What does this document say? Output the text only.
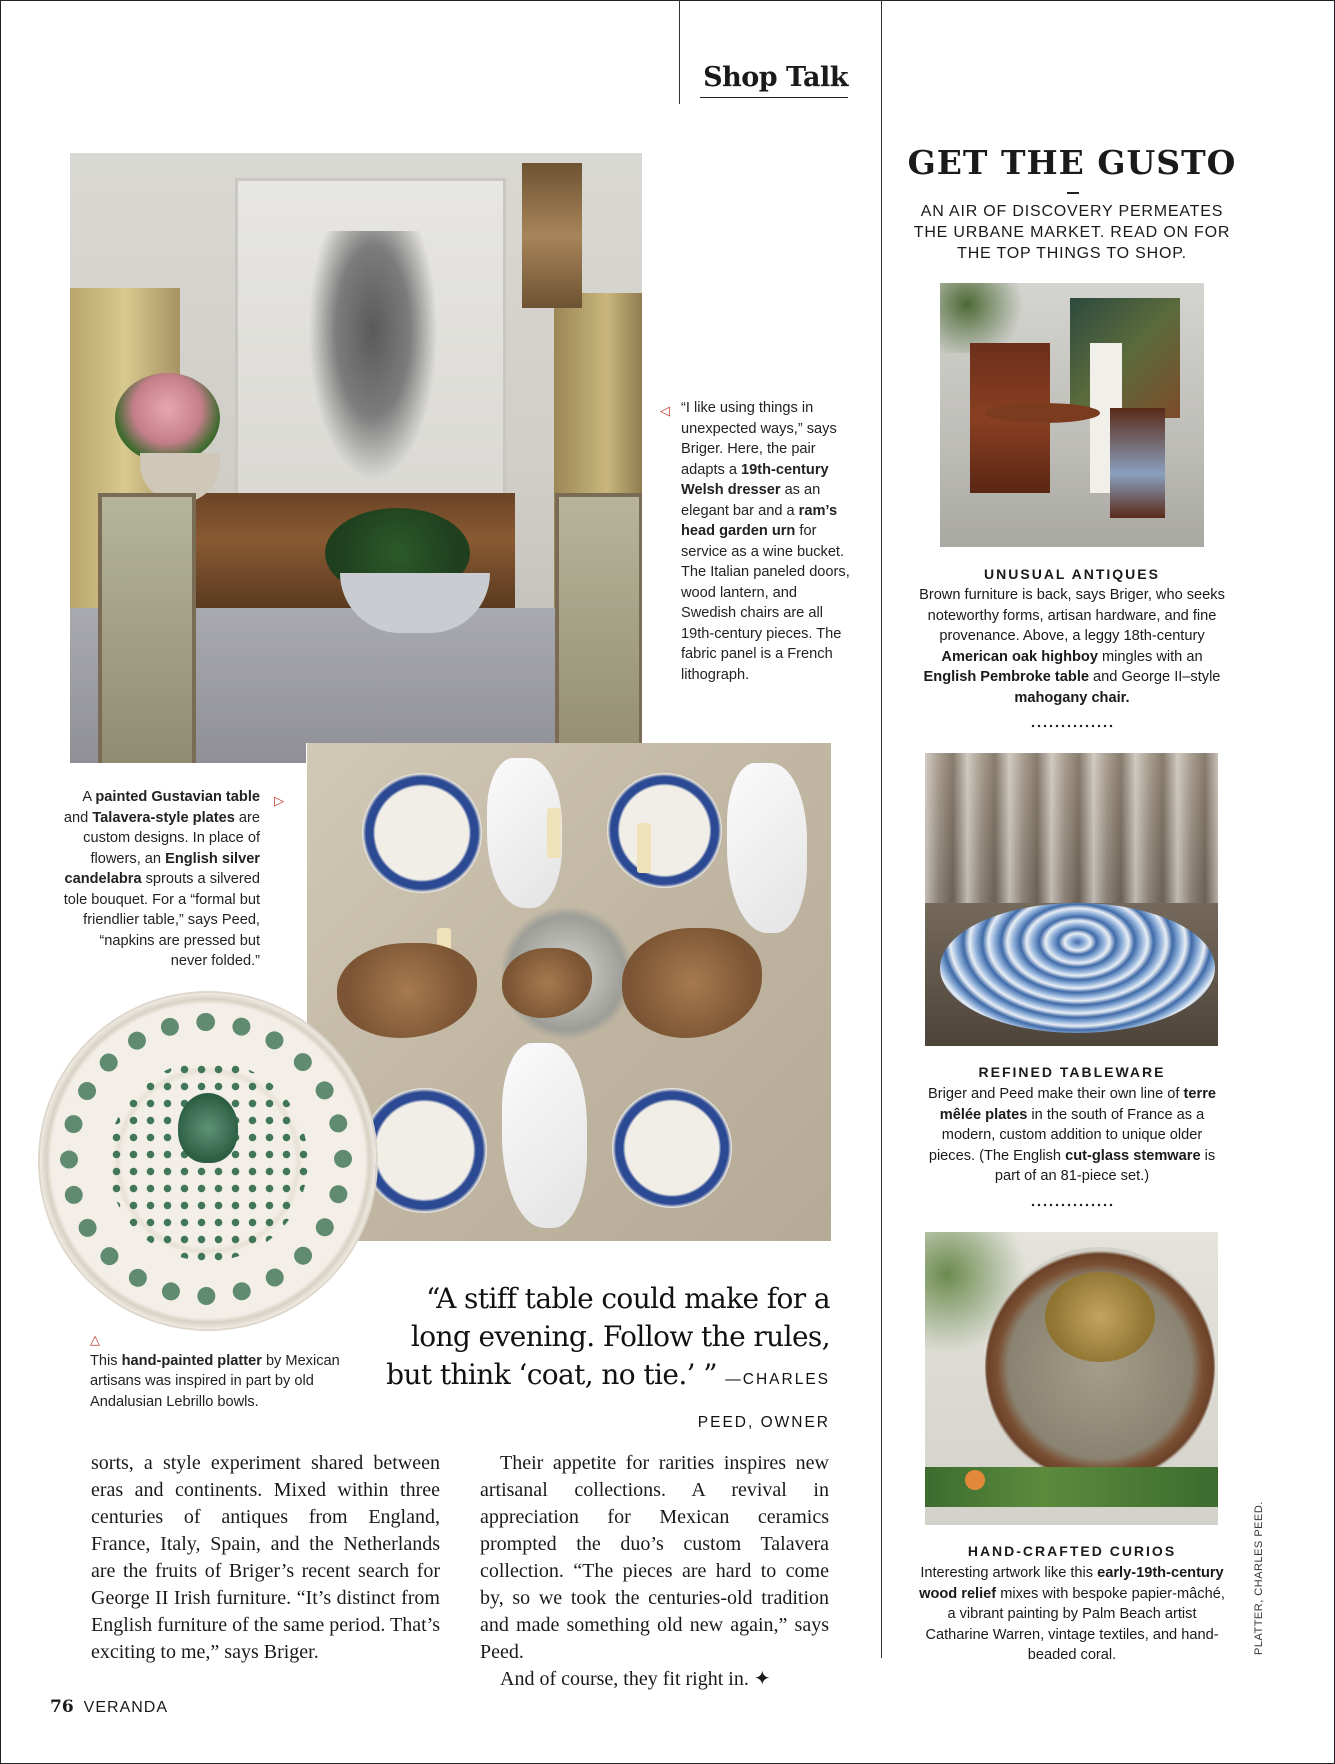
Shop Talk
◁ “I like using things in unexpected ways,” says Briger. Here, the pair adapts a 19th-century Welsh dresser as an elegant bar and a ram’s head garden urn for service as a wine bucket. The Italian paneled doors, wood lantern, and Swedish chairs are all 19th-century pieces. The fabric panel is a French lithograph.
A painted Gustavian table and Talavera-style plates are custom designs. In place of flowers, an English silver candelabra sprouts a silvered tole bouquet. For a “formal but friendlier table,” says Peed, “napkins are pressed but never folded.”
▷
△
This hand-painted platter by Mexican artisans was inspired in part by old Andalusian Lebrillo bowls.
“A stiff table could make for a long evening. Follow the rules, but think ‘coat, no tie.’ ” —CHARLES PEED, OWNER

sorts, a style experiment shared between eras and continents. Mixed within three centuries of antiques from England, France, Italy, Spain, and the Netherlands are the fruits of Briger’s recent search for George II Irish furniture. “It’s distinct from English furniture of the same period. That’s exciting to me,” says Briger.

Their appetite for rarities inspires new artisanal collections. A revival in appreciation for Mexican ceramics prompted the duo’s custom Talavera collection. “The pieces are hard to come by, so we took the centuries-old tradition and made something old new again,” says Peed.

And of course, they fit right in. ✦

76 VERANDA
GET THE GUSTO
AN AIR OF DISCOVERY PERMEATES THE URBANE MARKET. READ ON FOR THE TOP THINGS TO SHOP.
UNUSUAL ANTIQUES
Brown furniture is back, says Briger, who seeks noteworthy forms, artisan hardware, and fine provenance. Above, a leggy 18th-century American oak highboy mingles with an English Pembroke table and George II–style mahogany chair.
REFINED TABLEWARE
Briger and Peed make their own line of terre mêlée plates in the south of France as a modern, custom addition to unique older pieces. (The English cut-glass stemware is part of an 81-piece set.)
HAND-CRAFTED CURIOS
Interesting artwork like this early-19th-century wood relief mixes with bespoke papier-mâché, a vibrant painting by Palm Beach artist Catharine Warren, vintage textiles, and hand-beaded coral.
PLATTER, CHARLES PEED.
